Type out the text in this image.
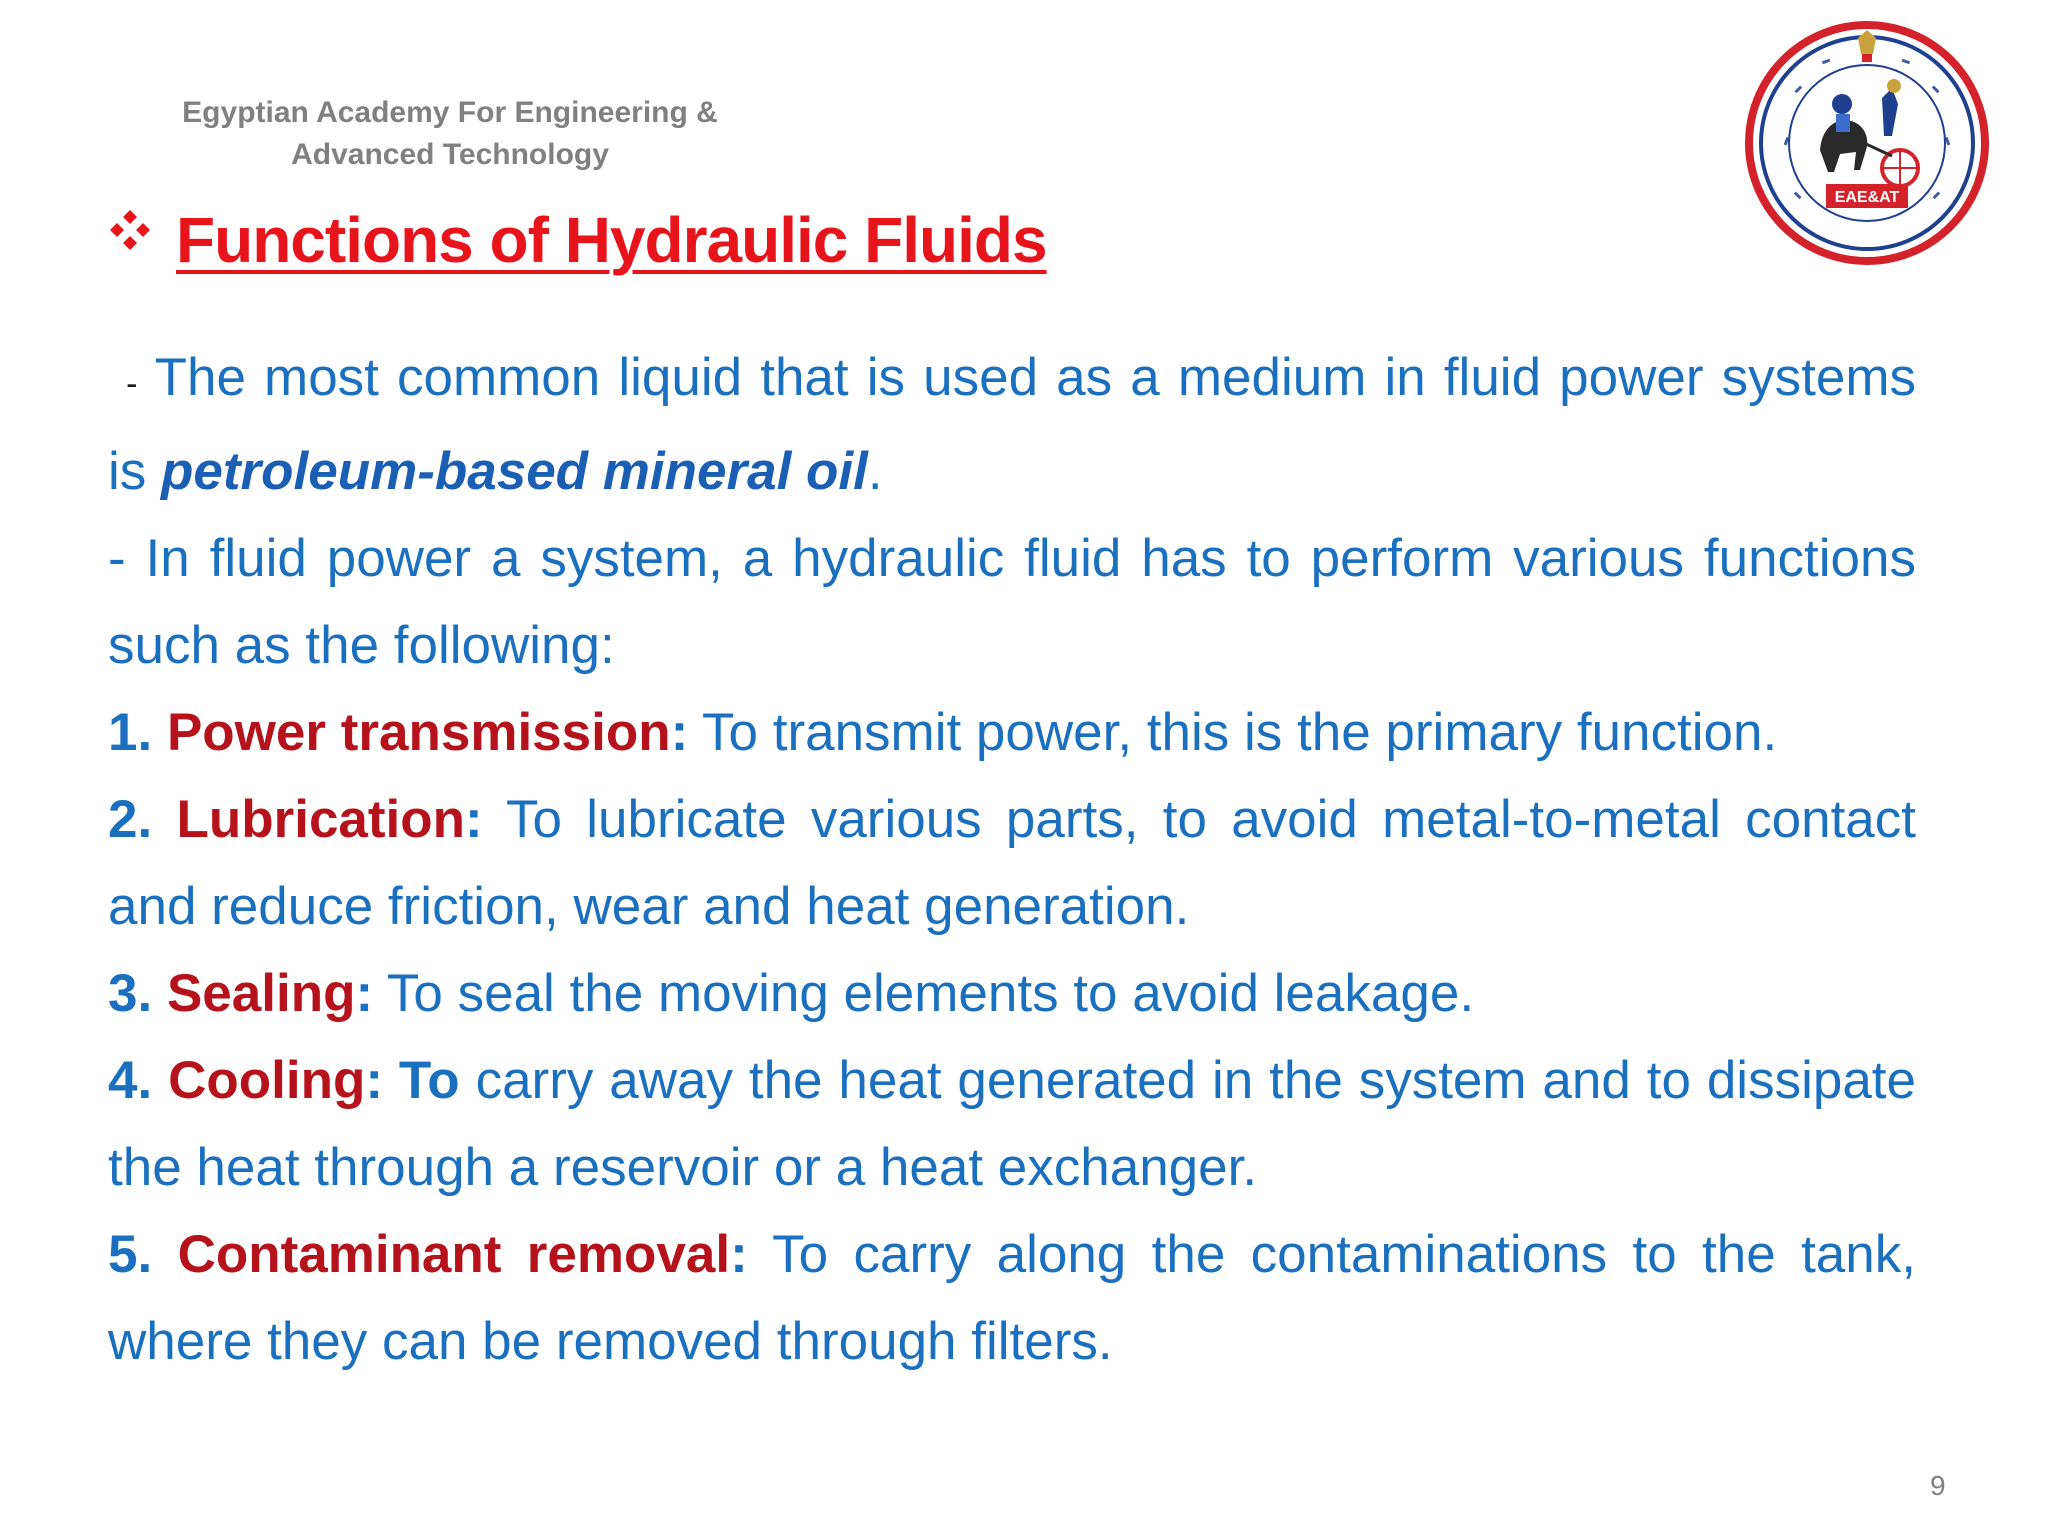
Egyptian Academy For Engineering &
Advanced Technology
EAE&AT
Functions of Hydraulic Fluids

- The most common liquid that is used as a medium in fluid power systems is petroleum-based mineral oil.

- In fluid power a system, a hydraulic fluid has to perform various functions such as the following:

1. Power transmission: To transmit power, this is the primary function.

2. Lubrication: To lubricate various parts, to avoid metal-to-metal contact and reduce friction, wear and heat generation.

3. Sealing: To seal the moving elements to avoid leakage.

4. Cooling: To carry away the heat generated in the system and to dissipate the heat through a reservoir or a heat exchanger.

5. Contaminant removal: To carry along the contaminations to the tank, where they can be removed through filters.

9
